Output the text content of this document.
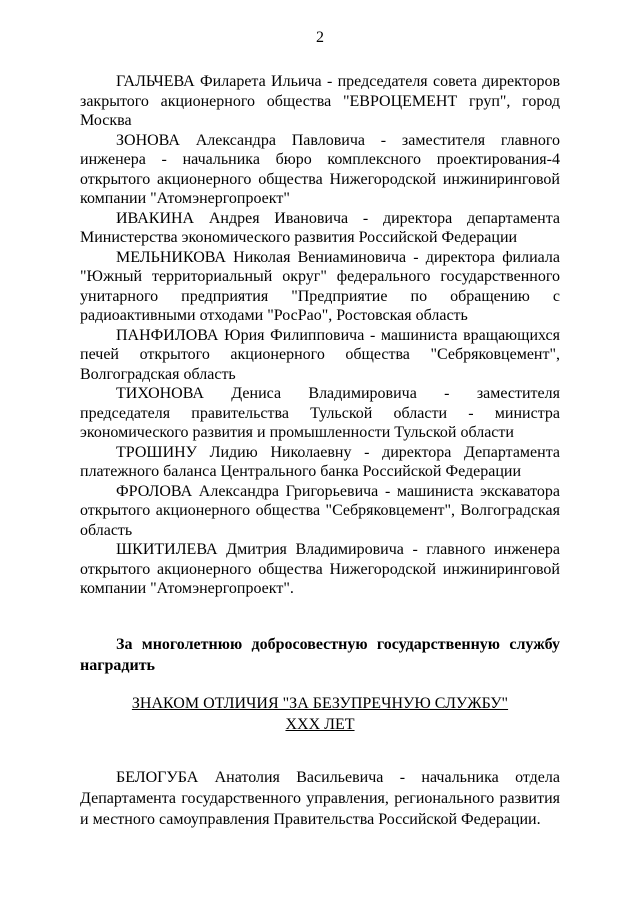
2

ГАЛЬЧЕВА Филарета Ильича - председателя совета директоров закрытого акционерного общества "ЕВРОЦЕМЕНТ груп", город Москва

ЗОНОВА Александра Павловича - заместителя главного инженера - начальника бюро комплексного проектирования-4 открытого акционерного общества Нижегородской инжиниринговой компании "Атомэнергопроект"

ИВАКИНА Андрея Ивановича - директора департамента Министерства экономического развития Российской Федерации

МЕЛЬНИКОВА Николая Вениаминовича - директора филиала "Южный территориальный округ" федерального государственного унитарного предприятия "Предприятие по обращению с радиоактивными отходами "РосРао", Ростовская область

ПАНФИЛОВА Юрия Филипповича - машиниста вращающихся печей открытого акционерного общества "Себряковцемент", Волгоградская область

ТИХОНОВА Дениса Владимировича - заместителя председателя правительства Тульской области - министра экономического развития и промышленности Тульской области

ТРОШИНУ Лидию Николаевну - директора Департамента платежного баланса Центрального банка Российской Федерации

ФРОЛОВА Александра Григорьевича - машиниста экскаватора открытого акционерного общества "Себряковцемент", Волгоградская область

ШКИТИЛЕВА Дмитрия Владимировича - главного инженера открытого акционерного общества Нижегородской инжиниринговой компании "Атомэнергопроект".

За многолетнюю добросовестную государственную службу наградить
ЗНАКОМ ОТЛИЧИЯ "ЗА БЕЗУПРЕЧНУЮ СЛУЖБУ"
XXX ЛЕТ

БЕЛОГУБА Анатолия Васильевича - начальника отдела Департамента государственного управления, регионального развития и местного самоуправления Правительства Российской Федерации.
